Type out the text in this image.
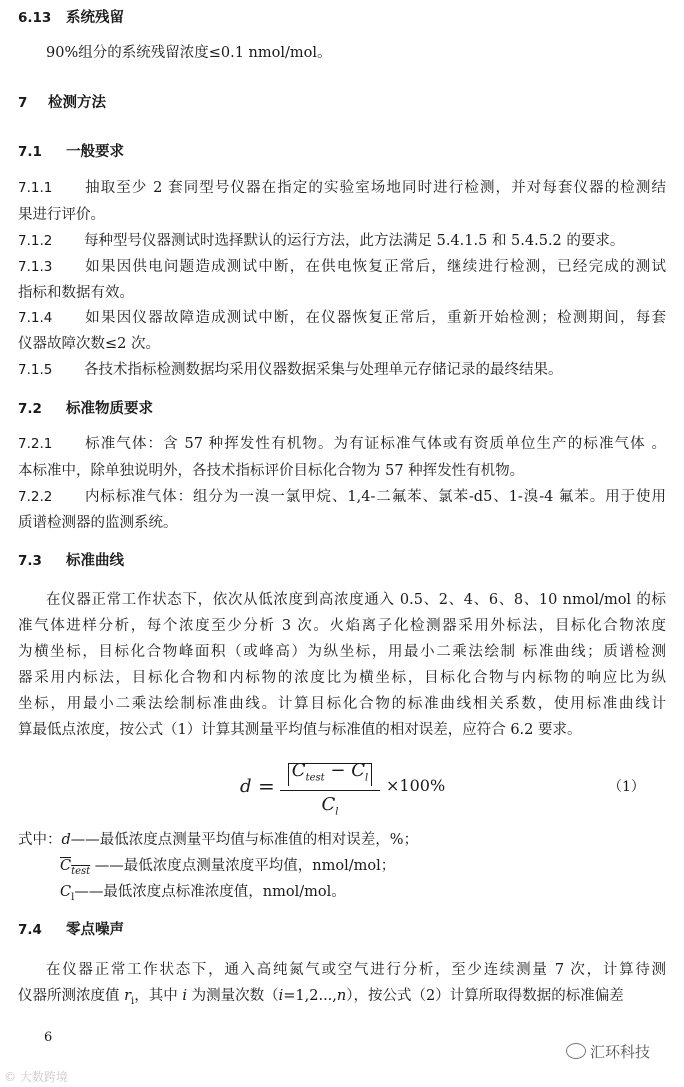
6.13 系统残留
90%组分的系统残留浓度≤0.1 nmol/mol。
7 检测方法
7.1 一般要求
7.1.1 抽取至少 2 套同型号仪器在指定的实验室场地同时进行检测，并对每套仪器的检测结
果进行评价。
7.1.2 每种型号仪器测试时选择默认的运行方法，此方法满足 5.4.1.5 和 5.4.5.2 的要求。
7.1.3 如果因供电问题造成测试中断，在供电恢复正常后，继续进行检测，已经完成的测试
指标和数据有效。
7.1.4 如果因仪器故障造成测试中断，在仪器恢复正常后，重新开始检测；检测期间，每套
仪器故障次数≤2 次。
7.1.5 各技术指标检测数据均采用仪器数据采集与处理单元存储记录的最终结果。
7.2 标准物质要求
7.2.1 标准气体：含 57 种挥发性有机物。为有证标准气体或有资质单位生产的标准气体 。
本标准中，除单独说明外，各技术指标评价目标化合物为 57 种挥发性有机物。
7.2.2 内标标准气体：组分为一溴一氯甲烷、1,4-二氟苯、氯苯-d5、1-溴-4 氟苯。用于使用
质谱检测器的监测系统。
7.3 标准曲线
在仪器正常工作状态下，依次从低浓度到高浓度通入 0.5、2、4、6、8、10 nmol/mol 的标
准气体进样分析，每个浓度至少分析 3 次。火焰离子化检测器采用外标法，目标化合物浓度
为横坐标，目标化合物峰面积（或峰高）为纵坐标，用最小二乘法绘制 标准曲线；质谱检测
器采用内标法，目标化合物和内标物的浓度比为横坐标，目标化合物与内标物的响应比为纵
坐标，用最小二乘法绘制标准曲线。计算目标化合物的标准曲线相关系数，使用标准曲线计
算最低点浓度，按公式（1）计算其测量平均值与标准值的相对误差，应符合 6.2 要求。
d =
$C_{test} - C_l$
$C_l$
×100%	（1）
式中：d——最低浓度点测量平均值与标准值的相对误差，%；
$C_{test}$ ——最低浓度点测量浓度平均值，nmol/mol；
$C_l——$最低浓度点标准浓度值，nmol/mol。
7.4 零点噪声
在仪器正常工作状态下，通入高纯氮气或空气进行分析，至少连续测量 7 次，计算待测
仪器所测浓度值 $r_i$，其中 i 为测量次数（i=1,2...,n），按公式（2）计算所取得数据的标准偏差
6
© 大数跨境
汇环科技
